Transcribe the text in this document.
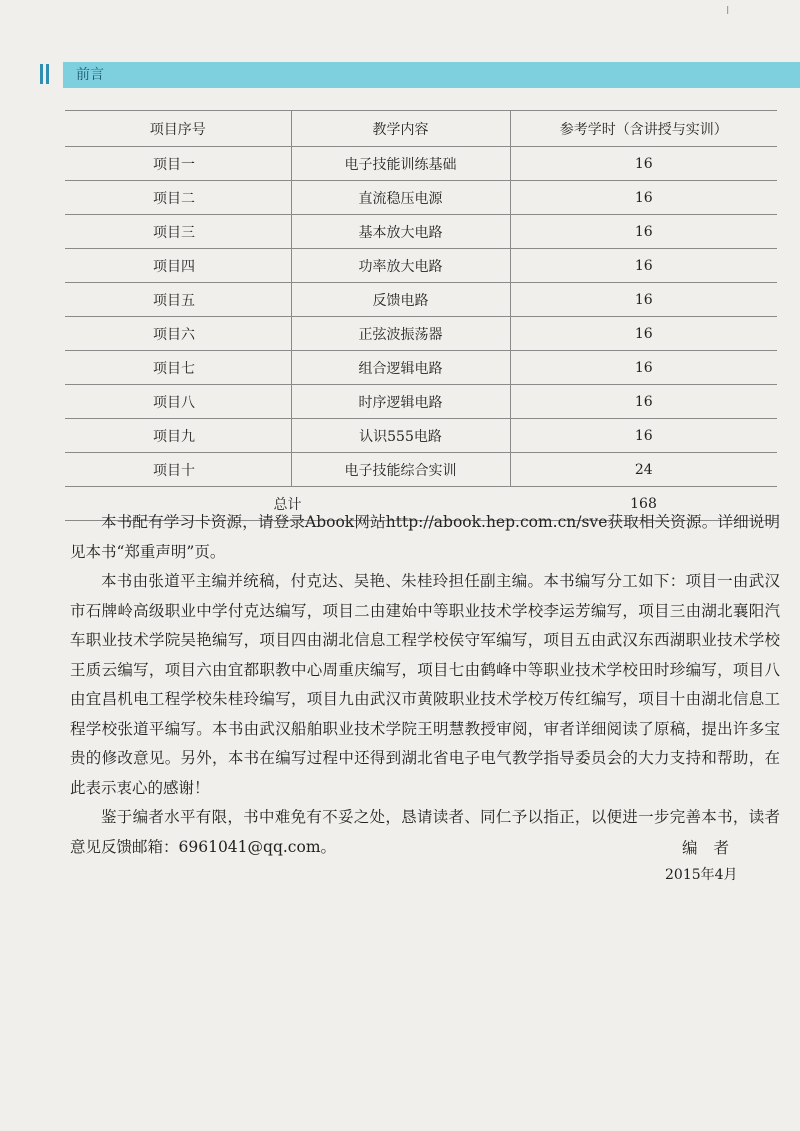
I
前言
项目序号	教学内容	参考学时（含讲授与实训）
项目一	电子技能训练基础	16
项目二	直流稳压电源	16
项目三	基本放大电路	16
项目四	功率放大电路	16
项目五	反馈电路	16
项目六	正弦波振荡器	16
项目七	组合逻辑电路	16
项目八	时序逻辑电路	16
项目九	认识555电路	16
项目十	电子技能综合实训	24
总计		168

本书配有学习卡资源，请登录Abook网站http://abook.hep.com.cn/sve获取相关资源。详细说明见本书“郑重声明”页。

本书由张道平主编并统稿，付克达、吴艳、朱桂玲担任副主编。本书编写分工如下：项目一由武汉市石牌岭高级职业中学付克达编写，项目二由建始中等职业技术学校李运芳编写，项目三由湖北襄阳汽车职业技术学院吴艳编写，项目四由湖北信息工程学校侯守军编写，项目五由武汉东西湖职业技术学校王质云编写，项目六由宜都职教中心周重庆编写，项目七由鹤峰中等职业技术学校田时珍编写，项目八由宜昌机电工程学校朱桂玲编写，项目九由武汉市黄陂职业技术学校万传红编写，项目十由湖北信息工程学校张道平编写。本书由武汉船舶职业技术学院王明慧教授审阅，审者详细阅读了原稿，提出许多宝贵的修改意见。另外，本书在编写过程中还得到湖北省电子电气教学指导委员会的大力支持和帮助，在此表示衷心的感谢！

鉴于编者水平有限，书中难免有不妥之处，恳请读者、同仁予以指正，以便进一步完善本书，读者意见反馈邮箱：6961041@qq.com。	编者
2015年4月
